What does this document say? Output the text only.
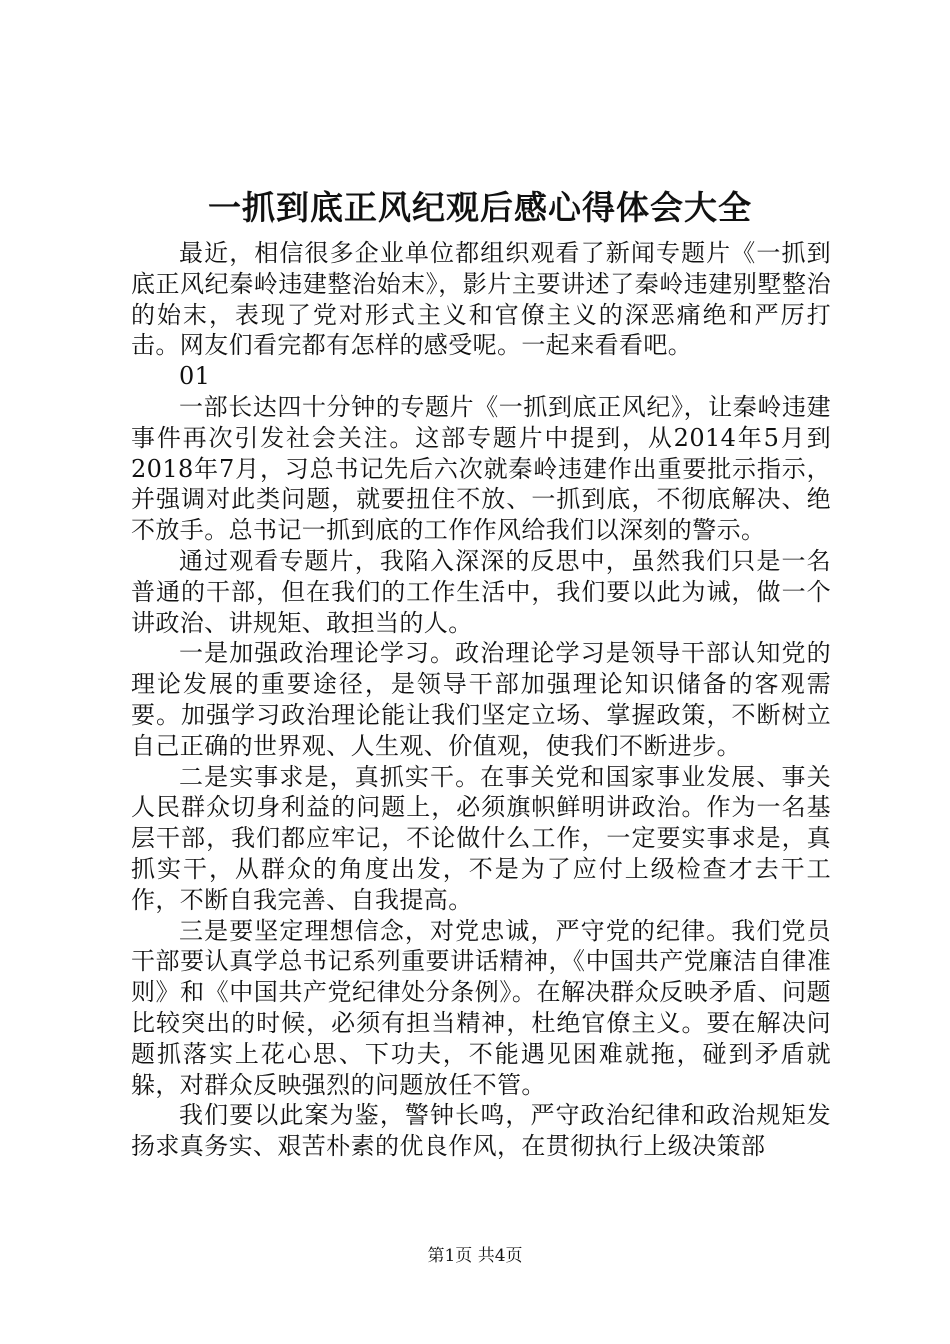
一抓到底正风纪观后感心得体会大全

最近，相信很多企业单位都组织观看了新闻专题片《一抓到底正风纪秦岭违建整治始末》，影片主要讲述了秦岭违建别墅整治的始末，表现了党对形式主义和官僚主义的深恶痛绝和严厉打击。网友们看完都有怎样的感受呢。一起来看看吧。

01

一部长达四十分钟的专题片《一抓到底正风纪》，让秦岭违建事件再次引发社会关注。这部专题片中提到，从2014年5月到2018年7月，习总书记先后六次就秦岭违建作出重要批示指示，并强调对此类问题，就要扭住不放、一抓到底，不彻底解决、绝不放手。总书记一抓到底的工作作风给我们以深刻的警示。

通过观看专题片，我陷入深深的反思中，虽然我们只是一名普通的干部，但在我们的工作生活中，我们要以此为诫，做一个讲政治、讲规矩、敢担当的人。

一是加强政治理论学习。政治理论学习是领导干部认知党的理论发展的重要途径，是领导干部加强理论知识储备的客观需要。加强学习政治理论能让我们坚定立场、掌握政策，不断树立自己正确的世界观、人生观、价值观，使我们不断进步。

二是实事求是，真抓实干。在事关党和国家事业发展、事关人民群众切身利益的问题上，必须旗帜鲜明讲政治。作为一名基层干部，我们都应牢记，不论做什么工作，一定要实事求是，真抓实干，从群众的角度出发，不是为了应付上级检查才去干工作，不断自我完善、自我提高。

三是要坚定理想信念，对党忠诚，严守党的纪律。我们党员干部要认真学总书记系列重要讲话精神，《中国共产党廉洁自律准则》和《中国共产党纪律处分条例》。在解决群众反映矛盾、问题比较突出的时候，必须有担当精神，杜绝官僚主义。要在解决问题抓落实上花心思、下功夫，不能遇见困难就拖，碰到矛盾就躲，对群众反映强烈的问题放任不管。

我们要以此案为鉴，警钟长鸣，严守政治纪律和政治规矩发扬求真务实、艰苦朴素的优良作风，在贯彻执行上级决策部

第1页 共4页
